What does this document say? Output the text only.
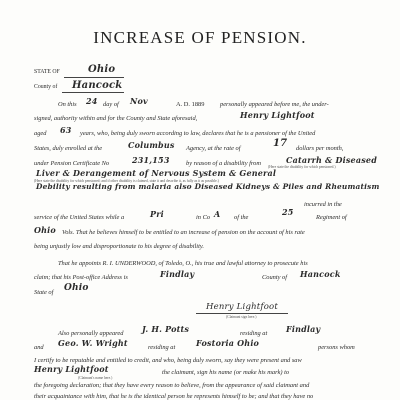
INCREASE OF PENSION.
STATE OF	Ohio
County of Hancock
On this 24 day of Nov	A. D. 1889 personally appeared before me, the under-
signed, authority within and for the County and State aforesaid,	Henry Lightfoot
aged 63 years, who, being duly sworn according to law, declares that he is a pensioner of the United
States, duly enrolled at the	Columbus Agency, at the rate of	17 dollars per month,
under Pension Certificate No	231,153	by reason of a disability from	Catarrh & Diseased
(Here state the disability for which pensioned.)
Liver & Derangement of Nervous System & General
(Here state the disability for which pensioned; and if other disability is claimed, state it and describe it, as fully as it as possible.)
Debility resulting from malaria also Diseased Kidneys & Piles and Rheumatism
incurred in the
service of the United States while a	Pri	in Co A of the
25
Regiment of
Ohio Vols. That he believes himself to be entitled to an increase of pension on the account of his rate
being unjustly low and disproportionate to his degree of disability.
That he appoints R. I. UNDERWOOD, of Toledo, O., his true and lawful attorney to prosecute his
claim; that his Post-office Address is	Findlay	County of Hancock
State of Ohio
Henry Lightfoot
(Claimant sign here.)
Also personally appeared J. H. Potts	residing at Findlay
and Geo. W. Wright	residing at	Fostoria Ohio	persons whom
I certify to be reputable and entitled to credit, and who, being duly sworn, say they were present and saw
Henry Lightfoot	the claimant, sign his name (or make his mark) to
(Claimant's name here.)
the foregoing declaration; that they have every reason to believe, from the appearance of said claimant and
their acquaintance with him, that he is the identical person he represents himself to be; and that they have no
